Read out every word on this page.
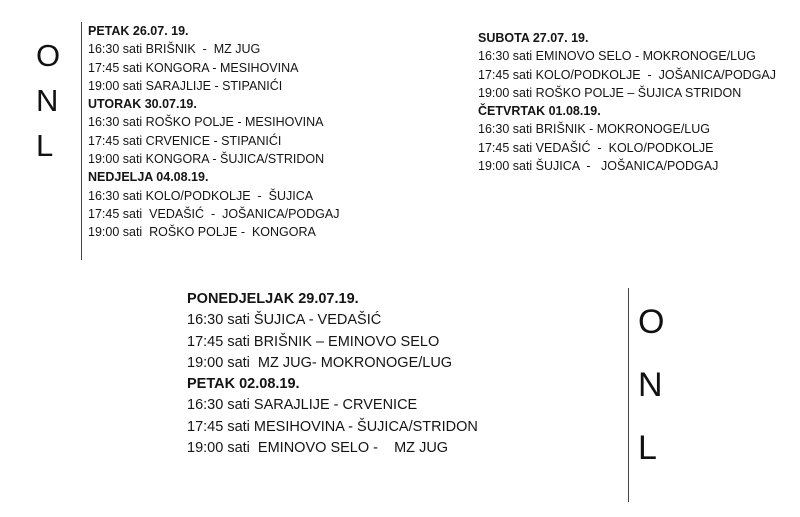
O
N
L
PETAK 26.07. 19.
16:30 sati BRIŠNIK  -  MZ JUG
17:45 sati KONGORA - MESIHOVINA
19:00 sati SARAJLIJE - STIPANIĆI
UTORAK 30.07.19.
16:30 sati ROŠKO POLJE - MESIHOVINA
17:45 sati CRVENICE - STIPANIĆI
19:00 sati KONGORA - ŠUJICA/STRIDON
NEDJELJA 04.08.19.
16:30 sati KOLO/PODKOLJE  -  ŠUJICA
17:45 sati  VEDAŠIĆ  -  JOŠANICA/PODGAJ
19:00 sati  ROŠKO POLJE -  KONGORA
SUBOTA 27.07. 19.
16:30 sati EMINOVO SELO - MOKRONOGE/LUG
17:45 sati KOLO/PODKOLJE  -  JOŠANICA/PODGAJ
19:00 sati ROŠKO POLJE – ŠUJICA STRIDON
ČETVRTAK 01.08.19.
16:30 sati BRIŠNIK - MOKRONOGE/LUG
17:45 sati VEDAŠIĆ  -  KOLO/PODKOLJE
19:00 sati ŠUJICA  -   JOŠANICA/PODGAJ
PONEDJELJAK 29.07.19.
16:30 sati ŠUJICA - VEDAŠIĆ
17:45 sati BRIŠNIK – EMINOVO SELO
19:00 sati  MZ JUG- MOKRONOGE/LUG
PETAK 02.08.19.
16:30 sati SARAJLIJE - CRVENICE
17:45 sati MESIHOVINA - ŠUJICA/STRIDON
19:00 sati  EMINOVO SELO -    MZ JUG
O
N
L
